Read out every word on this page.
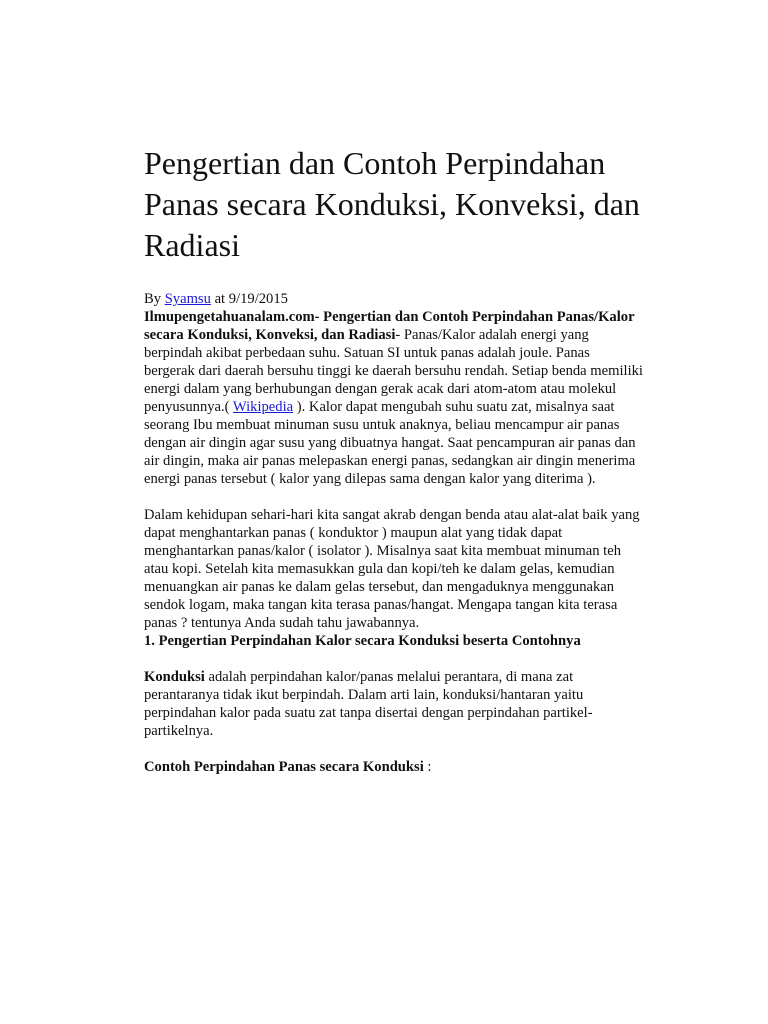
Pengertian dan Contoh Perpindahan Panas secara Konduksi, Konveksi, dan Radiasi
By Syamsu at 9/19/2015

Ilmupengetahuanalam.com- Pengertian dan Contoh Perpindahan Panas/Kalor secara Konduksi, Konveksi, dan Radiasi- Panas/Kalor adalah energi yang berpindah akibat perbedaan suhu. Satuan SI untuk panas adalah joule. Panas bergerak dari daerah bersuhu tinggi ke daerah bersuhu rendah. Setiap benda memiliki energi dalam yang berhubungan dengan gerak acak dari atom-atom atau molekul penyusunnya.( Wikipedia ). Kalor dapat mengubah suhu suatu zat, misalnya saat seorang Ibu membuat minuman susu untuk anaknya, beliau mencampur air panas dengan air dingin agar susu yang dibuatnya hangat. Saat pencampuran air panas dan air dingin, maka air panas melepaskan energi panas, sedangkan air dingin menerima energi panas tersebut ( kalor yang dilepas sama dengan kalor yang diterima ).

Dalam kehidupan sehari-hari kita sangat akrab dengan benda atau alat-alat baik yang dapat menghantarkan panas ( konduktor ) maupun alat yang tidak dapat menghantarkan panas/kalor ( isolator ). Misalnya saat kita membuat minuman teh atau kopi. Setelah kita memasukkan gula dan kopi/teh ke dalam gelas, kemudian menuangkan air panas ke dalam gelas tersebut, dan mengaduknya menggunakan sendok logam, maka tangan kita terasa panas/hangat. Mengapa tangan kita terasa panas ? tentunya Anda sudah tahu jawabannya.

1. Pengertian Perpindahan Kalor secara Konduksi beserta Contohnya

Konduksi adalah perpindahan kalor/panas melalui perantara, di mana zat perantaranya tidak ikut berpindah. Dalam arti lain, konduksi/hantaran yaitu perpindahan kalor pada suatu zat tanpa disertai dengan perpindahan partikel-partikelnya.

Contoh Perpindahan Panas secara Konduksi :
